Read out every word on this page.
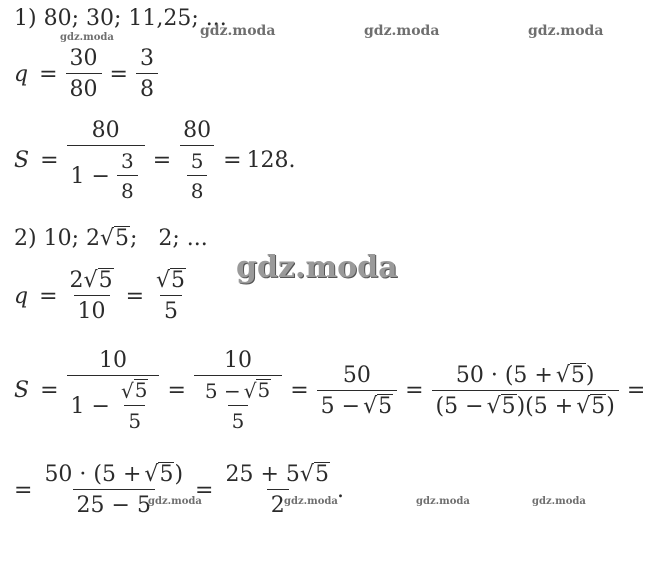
1) 80; 30; 11,25; ...
$q = \frac{30}{80} = \frac{3}{8}$
$S = \frac{80}{1 - \frac{3}{8}} = \frac{80}{\frac{5}{8}} = 128$.
2) 10; 2 √ 5 ;   2; ...
$q = \frac{2 √ 5}{10} = \frac{√ 5}{5}$
S =
10
$1 - \frac{√ 5}{5} = \frac{10}{\frac{5 - √ 5}{5}} = \frac{50}{5 - √ 5} = \frac{50 \cdot (5 + √ 5 )}{(5 - √ 5 )(5 + √ 5 )}$ =
= $\frac{50 \cdot (5 + √ 5 )}{25 - 5} = \frac{25 + 5 √ 5}{2}$ .
gdz.moda	gdz.moda	gdz.moda
gdz.moda
gdz.moda
gdz.moda	gdz.moda	gdz.moda	gdz.moda
